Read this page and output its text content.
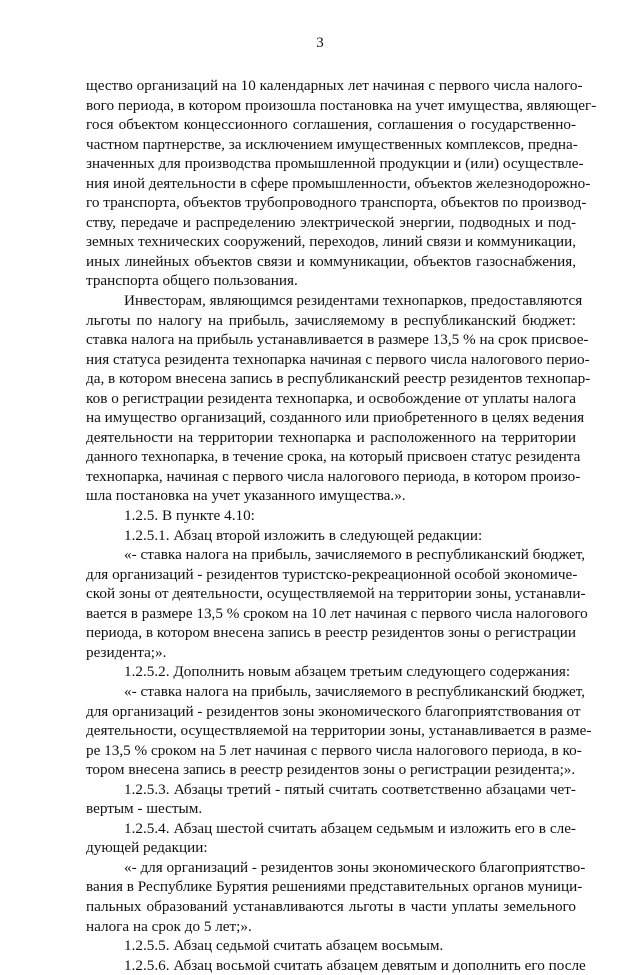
3
щество организаций на 10 календарных лет начиная с первого числа налого-
вого периода, в котором произошла постановка на учет имущества, являющег-
гося объектом концессионного соглашения, соглашения о государственно-
частном партнерстве, за исключением имущественных комплексов, предна-
значенных для производства промышленной продукции и (или) осуществле-
ния иной деятельности в сфере промышленности, объектов железнодорожно-
го транспорта, объектов трубопроводного транспорта, объектов по производ-
ству, передаче и распределению электрической энергии, подводных и под-
земных технических сооружений, переходов, линий связи и коммуникации,
иных линейных объектов связи и коммуникации, объектов газоснабжения,
транспорта общего пользования.
Инвесторам, являющимся резидентами технопарков, предоставляются
льготы по налогу на прибыль, зачисляемому в республиканский бюджет:
ставка налога на прибыль устанавливается в размере 13,5 % на срок присвое-
ния статуса резидента технопарка начиная с первого числа налогового перио-
да, в котором внесена запись в республиканский реестр резидентов технопар-
ков о регистрации резидента технопарка, и освобождение от уплаты налога
на имущество организаций, созданного или приобретенного в целях ведения
деятельности на территории технопарка и расположенного на территории
данного технопарка, в течение срока, на который присвоен статус резидента
технопарка, начиная с первого числа налогового периода, в котором произо-
шла постановка на учет указанного имущества.».
1.2.5. В пункте 4.10:
1.2.5.1. Абзац второй изложить в следующей редакции:
«- ставка налога на прибыль, зачисляемого в республиканский бюджет,
для организаций - резидентов туристско-рекреационной особой экономиче-
ской зоны от деятельности, осуществляемой на территории зоны, устанавли-
вается в размере 13,5 % сроком на 10 лет начиная с первого числа налогового
периода, в котором внесена запись в реестр резидентов зоны о регистрации
резидента;».
1.2.5.2. Дополнить новым абзацем третьим следующего содержания:
«- ставка налога на прибыль, зачисляемого в республиканский бюджет,
для организаций - резидентов зоны экономического благоприятствования от
деятельности, осуществляемой на территории зоны, устанавливается в разме-
ре 13,5 % сроком на 5 лет начиная с первого числа налогового периода, в ко-
тором внесена запись в реестр резидентов зоны о регистрации резидента;».
1.2.5.3. Абзацы третий - пятый считать соответственно абзацами чет-
вертым - шестым.
1.2.5.4. Абзац шестой считать абзацем седьмым и изложить его в сле-
дующей редакции:
«- для организаций - резидентов зоны экономического благоприятство-
вания в Республике Бурятия решениями представительных органов муници-
пальных образований устанавливаются льготы в части уплаты земельного
налога на срок до 5 лет;».
1.2.5.5. Абзац седьмой считать абзацем восьмым.
1.2.5.6. Абзац восьмой считать абзацем девятым и дополнить его после
